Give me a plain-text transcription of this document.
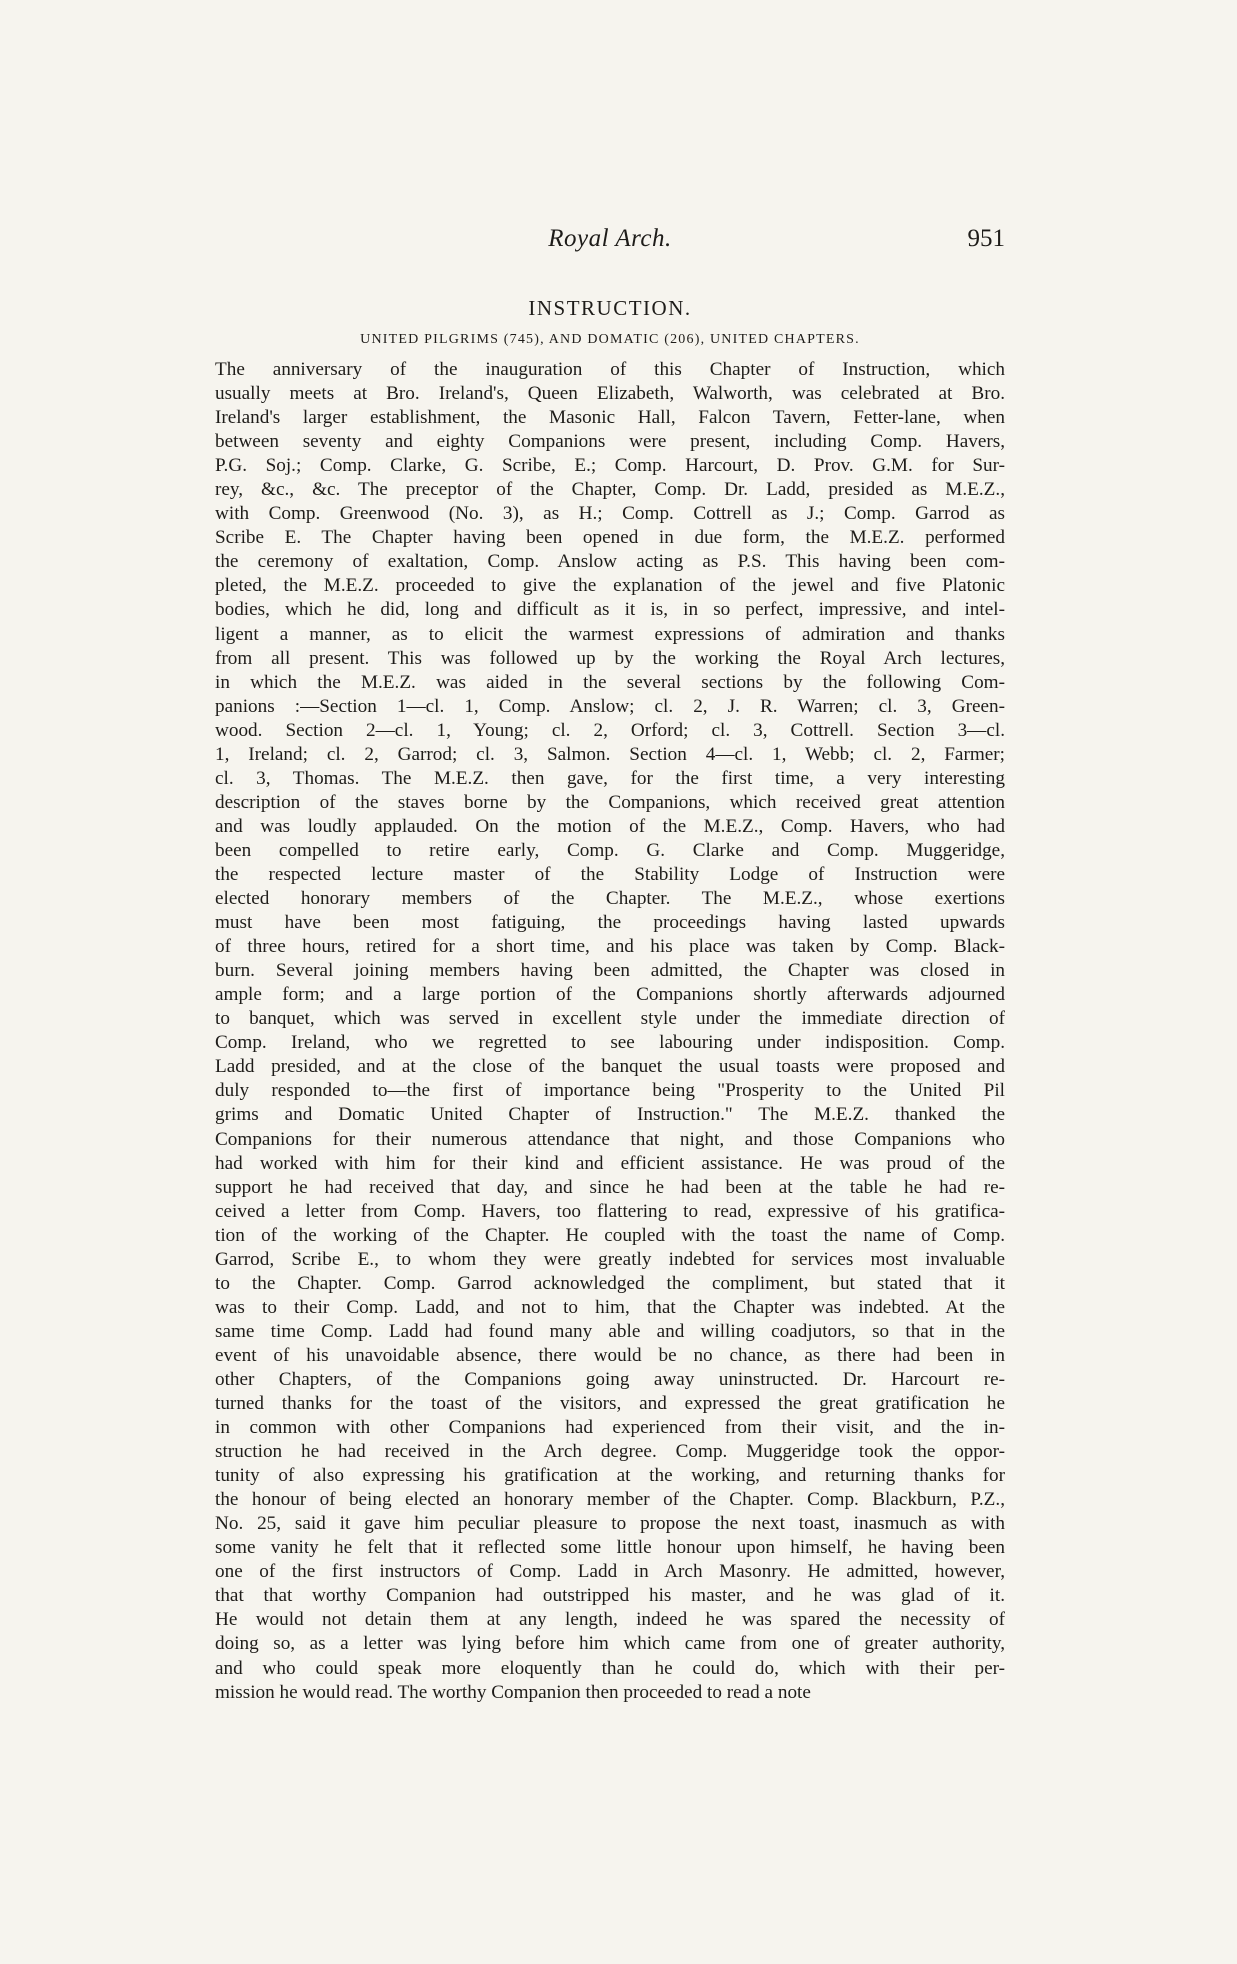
Royal Arch.	951
INSTRUCTION.
UNITED PILGRIMS (745), AND DOMATIC (206), UNITED CHAPTERS.
The anniversary of the inauguration of this Chapter of Instruction, which
usually meets at Bro. Ireland's, Queen Elizabeth, Walworth, was celebrated at Bro.
Ireland's larger establishment, the Masonic Hall, Falcon Tavern, Fetter-lane, when
between seventy and eighty Companions were present, including Comp. Havers,
P.G. Soj.; Comp. Clarke, G. Scribe, E.; Comp. Harcourt, D. Prov. G.M. for Sur-
rey, &c., &c. The preceptor of the Chapter, Comp. Dr. Ladd, presided as M.E.Z.,
with Comp. Greenwood (No. 3), as H.; Comp. Cottrell as J.; Comp. Garrod as
Scribe E. The Chapter having been opened in due form, the M.E.Z. performed
the ceremony of exaltation, Comp. Anslow acting as P.S. This having been com-
pleted, the M.E.Z. proceeded to give the explanation of the jewel and five Platonic
bodies, which he did, long and difficult as it is, in so perfect, impressive, and intel-
ligent a manner, as to elicit the warmest expressions of admiration and thanks
from all present. This was followed up by the working the Royal Arch lectures,
in which the M.E.Z. was aided in the several sections by the following Com-
panions :—Section 1—cl. 1, Comp. Anslow; cl. 2, J. R. Warren; cl. 3, Green-
wood. Section 2—cl. 1, Young; cl. 2, Orford; cl. 3, Cottrell. Section 3—cl.
1, Ireland; cl. 2, Garrod; cl. 3, Salmon. Section 4—cl. 1, Webb; cl. 2, Farmer;
cl. 3, Thomas. The M.E.Z. then gave, for the first time, a very interesting
description of the staves borne by the Companions, which received great attention
and was loudly applauded. On the motion of the M.E.Z., Comp. Havers, who had
been compelled to retire early, Comp. G. Clarke and Comp. Muggeridge,
the respected lecture master of the Stability Lodge of Instruction were
elected honorary members of the Chapter. The M.E.Z., whose exertions
must have been most fatiguing, the proceedings having lasted upwards
of three hours, retired for a short time, and his place was taken by Comp. Black-
burn. Several joining members having been admitted, the Chapter was closed in
ample form; and a large portion of the Companions shortly afterwards adjourned
to banquet, which was served in excellent style under the immediate direction of
Comp. Ireland, who we regretted to see labouring under indisposition. Comp.
Ladd presided, and at the close of the banquet the usual toasts were proposed and
duly responded to—the first of importance being "Prosperity to the United Pil
grims and Domatic United Chapter of Instruction." The M.E.Z. thanked the
Companions for their numerous attendance that night, and those Companions who
had worked with him for their kind and efficient assistance. He was proud of the
support he had received that day, and since he had been at the table he had re-
ceived a letter from Comp. Havers, too flattering to read, expressive of his gratifica-
tion of the working of the Chapter. He coupled with the toast the name of Comp.
Garrod, Scribe E., to whom they were greatly indebted for services most invaluable
to the Chapter. Comp. Garrod acknowledged the compliment, but stated that it
was to their Comp. Ladd, and not to him, that the Chapter was indebted. At the
same time Comp. Ladd had found many able and willing coadjutors, so that in the
event of his unavoidable absence, there would be no chance, as there had been in
other Chapters, of the Companions going away uninstructed. Dr. Harcourt re-
turned thanks for the toast of the visitors, and expressed the great gratification he
in common with other Companions had experienced from their visit, and the in-
struction he had received in the Arch degree. Comp. Muggeridge took the oppor-
tunity of also expressing his gratification at the working, and returning thanks for
the honour of being elected an honorary member of the Chapter. Comp. Blackburn, P.Z.,
No. 25, said it gave him peculiar pleasure to propose the next toast, inasmuch as with
some vanity he felt that it reflected some little honour upon himself, he having been
one of the first instructors of Comp. Ladd in Arch Masonry. He admitted, however,
that that worthy Companion had outstripped his master, and he was glad of it.
He would not detain them at any length, indeed he was spared the necessity of
doing so, as a letter was lying before him which came from one of greater authority,
and who could speak more eloquently than he could do, which with their per-
mission he would read. The worthy Companion then proceeded to read a note
